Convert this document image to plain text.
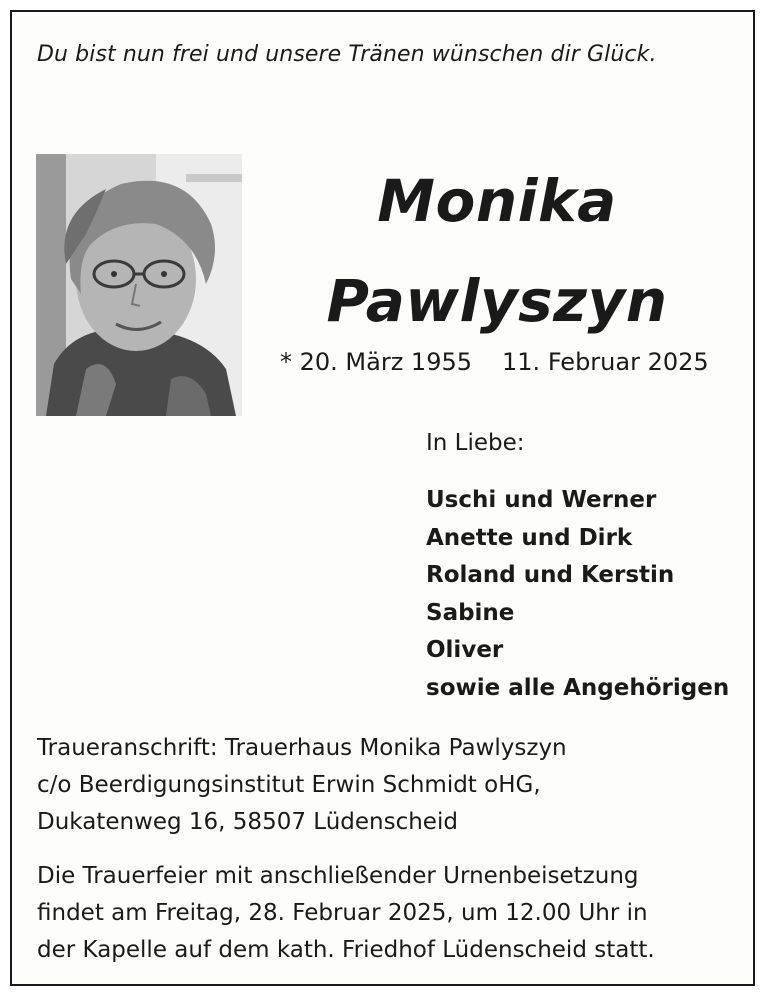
Du bist nun frei und unsere Tränen wünschen dir Glück.
Monika
Pawlyszyn
* 20. März 1955 11. Februar 2025
In Liebe:
Uschi und Werner
Anette und Dirk
Roland und Kerstin
Sabine
Oliver
sowie alle Angehörigen
Traueranschrift: Trauerhaus Monika Pawlyszyn
c/o Beerdigungsinstitut Erwin Schmidt oHG,
Dukatenweg 16, 58507 Lüdenscheid
Die Trauerfeier mit anschließender Urnenbeisetzung
findet am Freitag, 28. Februar 2025, um 12.00 Uhr in
der Kapelle auf dem kath. Friedhof Lüdenscheid statt.
